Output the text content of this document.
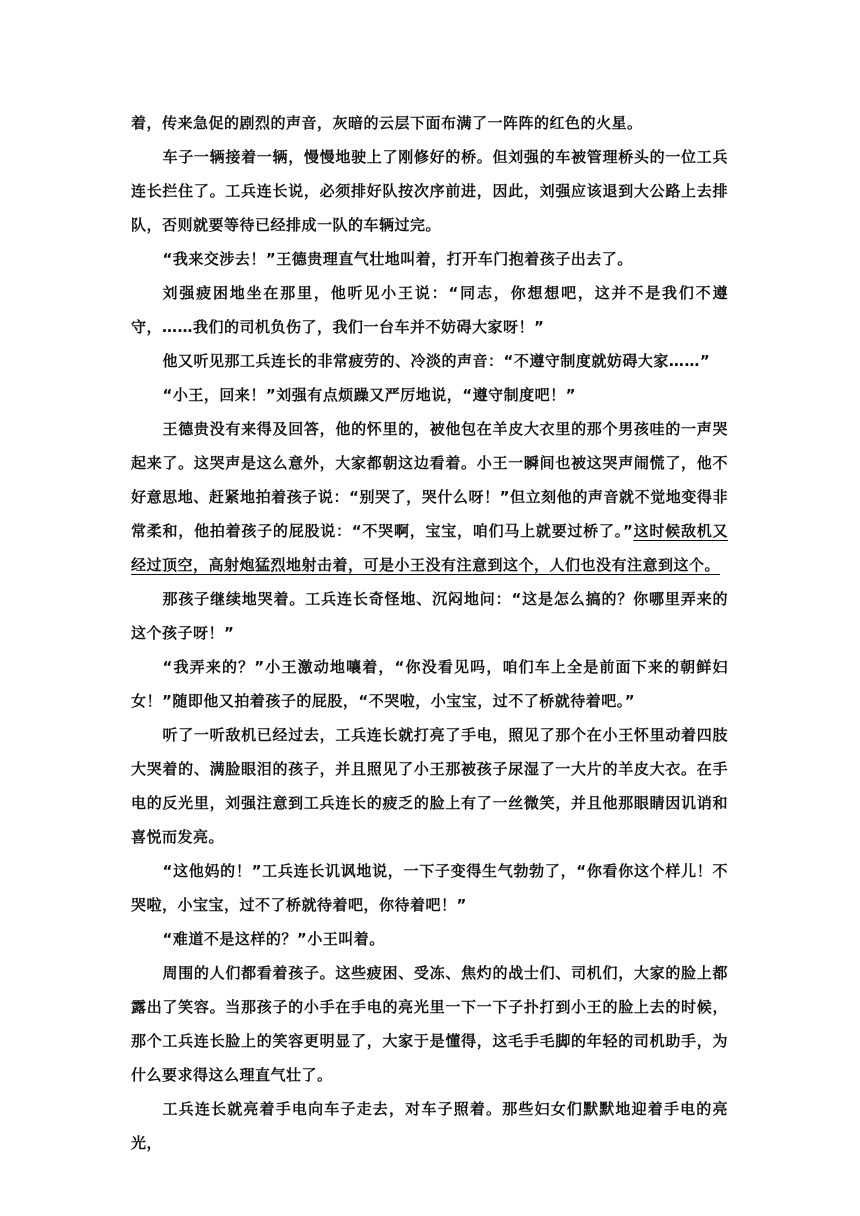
着，传来急促的剧烈的声音，灰暗的云层下面布满了一阵阵的红色的火星。

车子一辆接着一辆，慢慢地驶上了刚修好的桥。但刘强的车被管理桥头的一位工兵连长拦住了。工兵连长说，必须排好队按次序前进，因此，刘强应该退到大公路上去排队，否则就要等待已经排成一队的车辆过完。

“我来交涉去！”王德贵理直气壮地叫着，打开车门抱着孩子出去了。

刘强疲困地坐在那里，他听见小王说：“同志，你想想吧，这并不是我们不遵守，……我们的司机负伤了，我们一台车并不妨碍大家呀！”

他又听见那工兵连长的非常疲劳的、冷淡的声音：“不遵守制度就妨碍大家……”

“小王，回来！”刘强有点烦躁又严厉地说，“遵守制度吧！”

王德贵没有来得及回答，他的怀里的，被他包在羊皮大衣里的那个男孩哇的一声哭起来了。这哭声是这么意外，大家都朝这边看着。小王一瞬间也被这哭声闹慌了，他不好意思地、赶紧地拍着孩子说：“别哭了，哭什么呀！”但立刻他的声音就不觉地变得非常柔和，他拍着孩子的屁股说：“不哭啊，宝宝，咱们马上就要过桥了。”这时候敌机又经过顶空，高射炮猛烈地射击着，可是小王没有注意到这个，人们也没有注意到这个。

那孩子继续地哭着。工兵连长奇怪地、沉闷地问：“这是怎么搞的？你哪里弄来的这个孩子呀！”

“我弄来的？”小王激动地嚷着，“你没看见吗，咱们车上全是前面下来的朝鲜妇女！”随即他又拍着孩子的屁股，“不哭啦，小宝宝，过不了桥就待着吧。”

听了一听敌机已经过去，工兵连长就打亮了手电，照见了那个在小王怀里动着四肢大哭着的、满脸眼泪的孩子，并且照见了小王那被孩子尿湿了一大片的羊皮大衣。在手电的反光里，刘强注意到工兵连长的疲乏的脸上有了一丝微笑，并且他那眼睛因讥诮和喜悦而发亮。

“这他妈的！”工兵连长讥讽地说，一下子变得生气勃勃了，“你看你这个样儿！不哭啦，小宝宝，过不了桥就待着吧，你待着吧！”

“难道不是这样的？”小王叫着。

周围的人们都看着孩子。这些疲困、受冻、焦灼的战士们、司机们，大家的脸上都露出了笑容。当那孩子的小手在手电的亮光里一下一下子扑打到小王的脸上去的时候，那个工兵连长脸上的笑容更明显了，大家于是懂得，这毛手毛脚的年轻的司机助手，为什么要求得这么理直气壮了。

工兵连长就亮着手电向车子走去，对车子照着。那些妇女们默默地迎着手电的亮光，
